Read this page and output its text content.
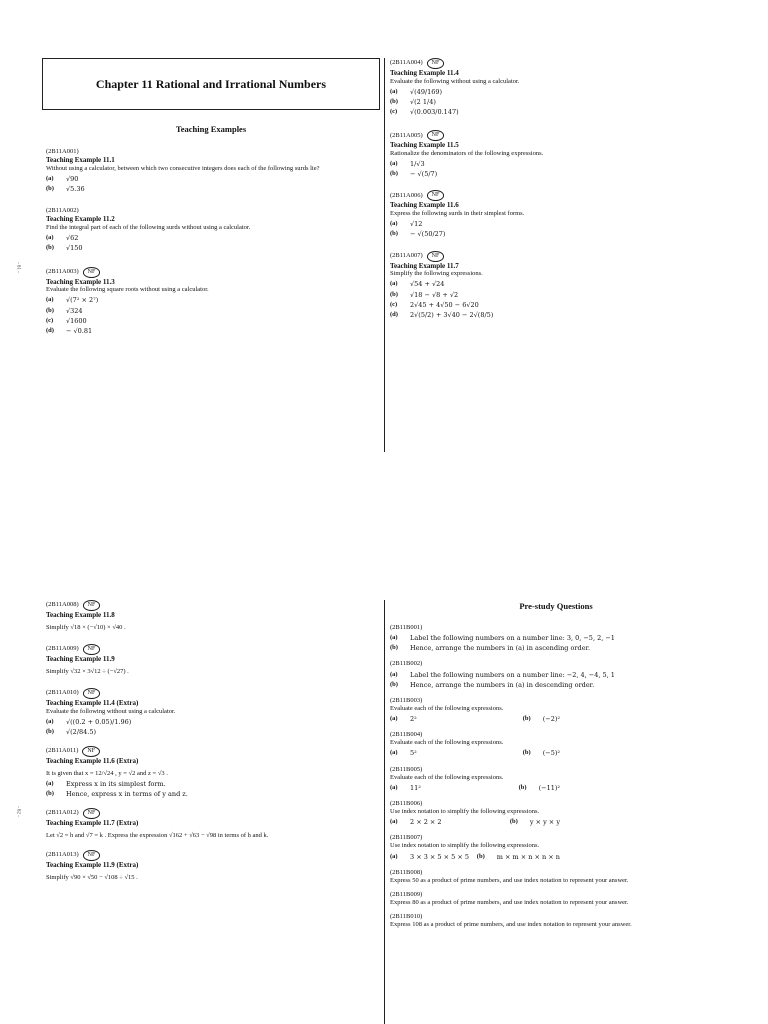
- 61 -
- 62 -
Chapter 11 Rational and Irrational Numbers
Teaching Examples
(2B11A001)
Teaching Example 11.1
Without using a calculator, between which two consecutive integers does each of the following surds lie?
(a)	√90
(b)	√5.36
(2B11A002)
Teaching Example 11.2
Find the integral part of each of the following surds without using a calculator.
(a)	√62
(b)	√150
(2B11A003)	NF
Teaching Example 11.3
Evaluate the following square roots without using a calculator.
(a)	√(7² × 2⁷)
(b)	√324
(c)	√1600
(d)	− √0.81
(2B11A004)	NF
Teaching Example 11.4
Evaluate the following without using a calculator.
(a)	√(49/169)
(b)	√(2 1/4)
(c)	√(0.003/0.147)
(2B11A005)	NF
Teaching Example 11.5
Rationalize the denominators of the following expressions.
(a)	1/√3
(b)	− √(5/7)
(2B11A006)	NF
Teaching Example 11.6
Express the following surds in their simplest forms.
(a)	√12
(b)	− √(50/27)
(2B11A007)	NF
Teaching Example 11.7
Simplify the following expressions.
(a)	√54 + √24
(b)	√18 − √8 + √2
(c)	2√45 + 4√50 − 6√20
(d)	2√(5/2) + 3√40 − 2√(8/5)
(2B11A008)	NF
Teaching Example 11.8
Simplify √18 × (−√10) × √40 .
(2B11A009)	NF
Teaching Example 11.9
Simplify √32 × 3√12 ÷ (−√27) .
(2B11A010)	NF
Teaching Example 11.4 (Extra)
Evaluate the following without using a calculator.
(a)	√((0.2 + 0.05)/1.96)
(b)	√(2/84.5)
(2B11A011)	NF
Teaching Example 11.6 (Extra)
It is given that x = 12/√24 , y = √2 and z = √3 .
(a)	Express x in its simplest form.
(b)	Hence, express x in terms of y and z.
(2B11A012)	NF
Teaching Example 11.7 (Extra)
Let √2 = h and √7 = k . Express the expression √162 + √63 − √98 in terms of h and k.
(2B11A013)	NF
Teaching Example 11.9 (Extra)
Simplify √90 × √50 − √108 ÷ √15 .
Pre-study Questions
(2B11B001)
(a)	Label the following numbers on a number line: 3, 0, −5, 2, −1
(b)	Hence, arrange the numbers in (a) in ascending order.
(2B11B002)
(a)	Label the following numbers on a number line: −2, 4, −4, 5, 1
(b)	Hence, arrange the numbers in (a) in descending order.
(2B11B003)
Evaluate each of the following expressions.
(a)	2²	(b)	(−2)²
(2B11B004)
Evaluate each of the following expressions.
(a)	5²	(b)	(−5)²
(2B11B005)
Evaluate each of the following expressions.
(a)	11²	(b)	(−11)²
(2B11B006)
Use index notation to simplify the following expressions.
(a)	2 × 2 × 2	(b)	y × y × y
(2B11B007)
Use index notation to simplify the following expressions.
(a)	3 × 3 × 5 × 5 × 5 (b)	m × m × n × n × n
(2B11B008)
Express 50 as a product of prime numbers, and use index notation to represent your answer.
(2B11B009)
Express 80 as a product of prime numbers, and use index notation to represent your answer.
(2B11B010)
Express 108 as a product of prime numbers, and use index notation to represent your answer.
